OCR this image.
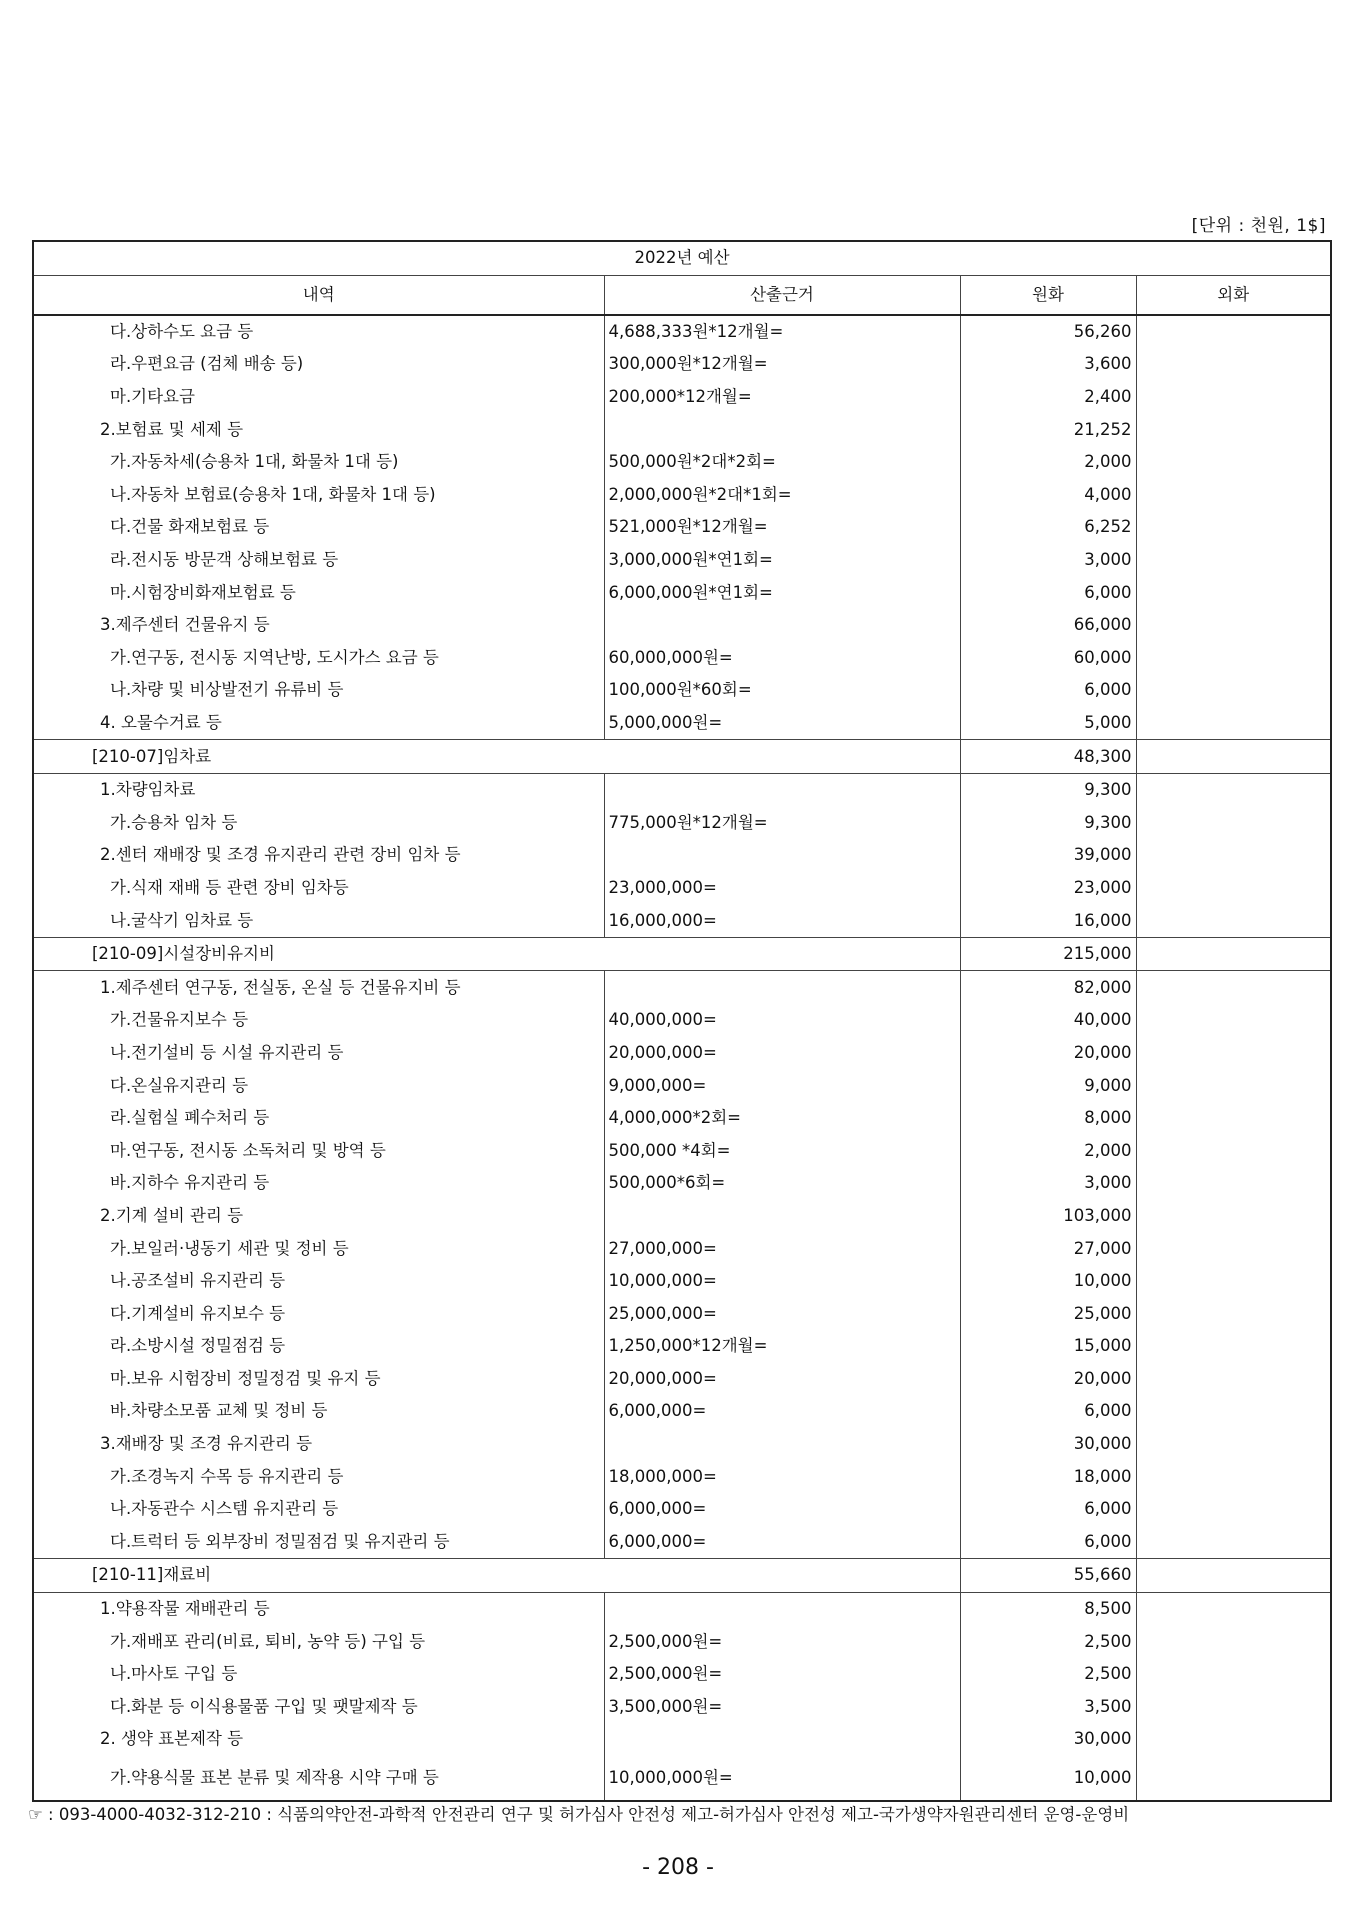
[단위 : 천원, 1$]
2022년 예산			
내역	산출근거	원화	외화
다.상하수도 요금 등	4,688,333원*12개월=	56,260	
라.우편요금 (검체 배송 등)	300,000원*12개월=	3,600	
마.기타요금	200,000*12개월=	2,400	
2.보험료 및 세제 등		21,252	
가.자동차세(승용차 1대, 화물차 1대 등)	500,000원*2대*2회=	2,000	
나.자동차 보험료(승용차 1대, 화물차 1대 등)	2,000,000원*2대*1회=	4,000	
다.건물 화재보험료 등	521,000원*12개월=	6,252	
라.전시동 방문객 상해보험료 등	3,000,000원*연1회=	3,000	
마.시험장비화재보험료 등	6,000,000원*연1회=	6,000	
3.제주센터 건물유지 등		66,000	
가.연구동, 전시동 지역난방, 도시가스 요금 등	60,000,000원=	60,000	
나.차량 및 비상발전기 유류비 등	100,000원*60회=	6,000	
4. 오물수거료 등	5,000,000원=	5,000	
[210-07]임차료		48,300	
1.차량임차료		9,300	
가.승용차 임차 등	775,000원*12개월=	9,300	
2.센터 재배장 및 조경 유지관리 관련 장비 임차 등		39,000	
가.식재 재배 등 관련 장비 임차등	23,000,000=	23,000	
나.굴삭기 임차료 등	16,000,000=	16,000	
[210-09]시설장비유지비		215,000	
1.제주센터 연구동, 전실동, 온실 등 건물유지비 등		82,000	
가.건물유지보수 등	40,000,000=	40,000	
나.전기설비 등 시설 유지관리 등	20,000,000=	20,000	
다.온실유지관리 등	9,000,000=	9,000	
라.실험실 폐수처리 등	4,000,000*2회=	8,000	
마.연구동, 전시동 소독처리 및 방역 등	500,000 *4회=	2,000	
바.지하수 유지관리 등	500,000*6회=	3,000	
2.기계 설비 관리 등		103,000	
가.보일러·냉동기 세관 및 정비 등	27,000,000=	27,000	
나.공조설비 유지관리 등	10,000,000=	10,000	
다.기계설비 유지보수 등	25,000,000=	25,000	
라.소방시설 정밀점검 등	1,250,000*12개월=	15,000	
마.보유 시험장비 정밀정검 및 유지 등	20,000,000=	20,000	
바.차량소모품 교체 및 정비 등	6,000,000=	6,000	
3.재배장 및 조경 유지관리 등		30,000	
가.조경녹지 수목 등 유지관리 등	18,000,000=	18,000	
나.자동관수 시스템 유지관리 등	6,000,000=	6,000	
다.트럭터 등 외부장비 정밀점검 및 유지관리 등	6,000,000=	6,000	
[210-11]재료비		55,660	
1.약용작물 재배관리 등		8,500	
가.재배포 관리(비료, 퇴비, 농약 등) 구입 등	2,500,000원=	2,500	
나.마사토 구입 등	2,500,000원=	2,500	
다.화분 등 이식용물품 구입 및 팻말제작 등	3,500,000원=	3,500	
2. 생약 표본제작 등		30,000	
가.약용식물 표본 분류 및 제작용 시약 구매 등	10,000,000원=	10,000	
☞ : 093-4000-4032-312-210 : 식품의약안전-과학적 안전관리 연구 및 허가심사 안전성 제고-허가심사 안전성 제고-국가생약자원관리센터 운영-운영비
- 208 -
